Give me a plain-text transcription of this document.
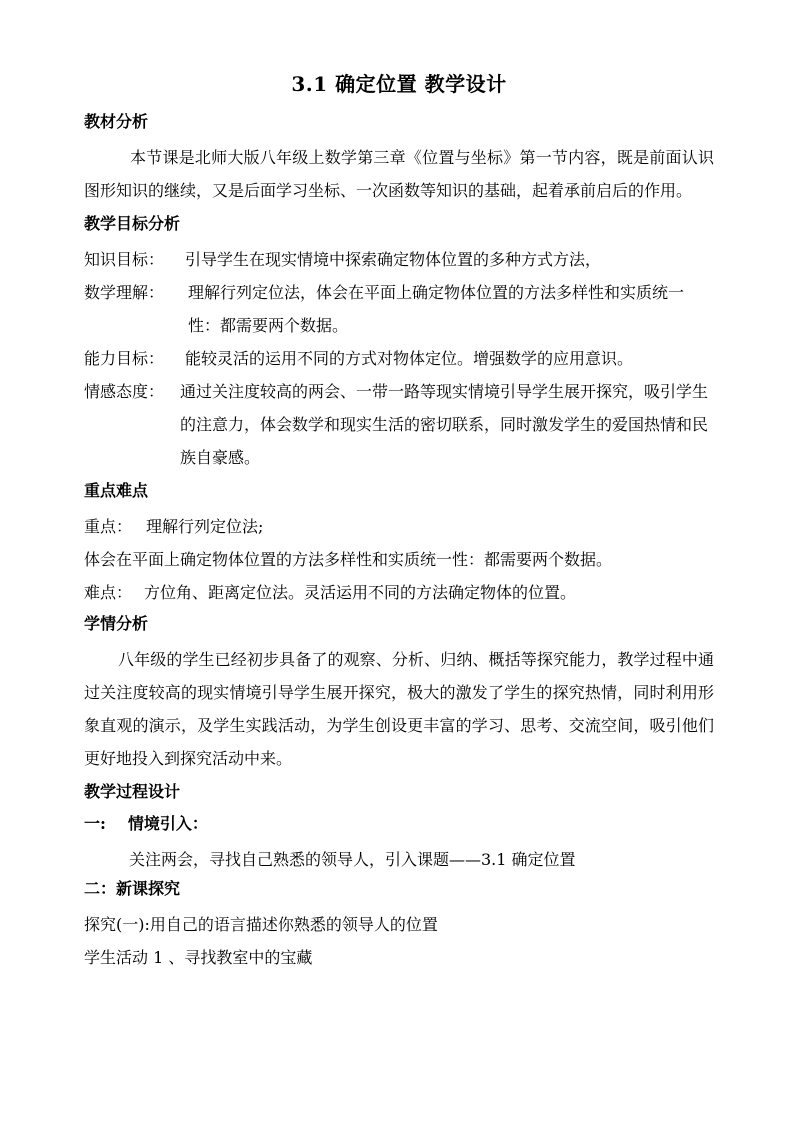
3.1 确定位置 教学设计
教材分析

本节课是北师大版八年级上数学第三章《位置与坐标》第一节内容，既是前面认识图形知识的继续，又是后面学习坐标、一次函数等知识的基础，起着承前启后的作用。

教学目标分析
知识目标：	引导学生在现实情境中探索确定物体位置的多种方式方法，
数学理解：	理解行列定位法，体会在平面上确定物体位置的方法多样性和实质统一性：都需要两个数据。
能力目标：	能较灵活的运用不同的方式对物体定位。增强数学的应用意识。
情感态度： 通过关注度较高的两会、一带一路等现实情境引导学生展开探究，吸引学生的注意力，体会数学和现实生活的密切联系，同时激发学生的爱国热情和民族自豪感。
重点难点

重点： 理解行列定位法;

体会在平面上确定物体位置的方法多样性和实质统一性：都需要两个数据。

难点： 方位角、距离定位法。灵活运用不同的方法确定物体的位置。

学情分析

八年级的学生已经初步具备了的观察、分析、归纳、概括等探究能力，教学过程中通过关注度较高的现实情境引导学生展开探究，极大的激发了学生的探究热情，同时利用形象直观的演示，及学生实践活动，为学生创设更丰富的学习、思考、交流空间，吸引他们更好地投入到探究活动中来。

教学过程设计
一: 情境引入：

关注两会，寻找自己熟悉的领导人，引入课题——3.1 确定位置

二：新课探究

探究(一):用自己的语言描述你熟悉的领导人的位置

学生活动 1 、寻找教室中的宝藏
